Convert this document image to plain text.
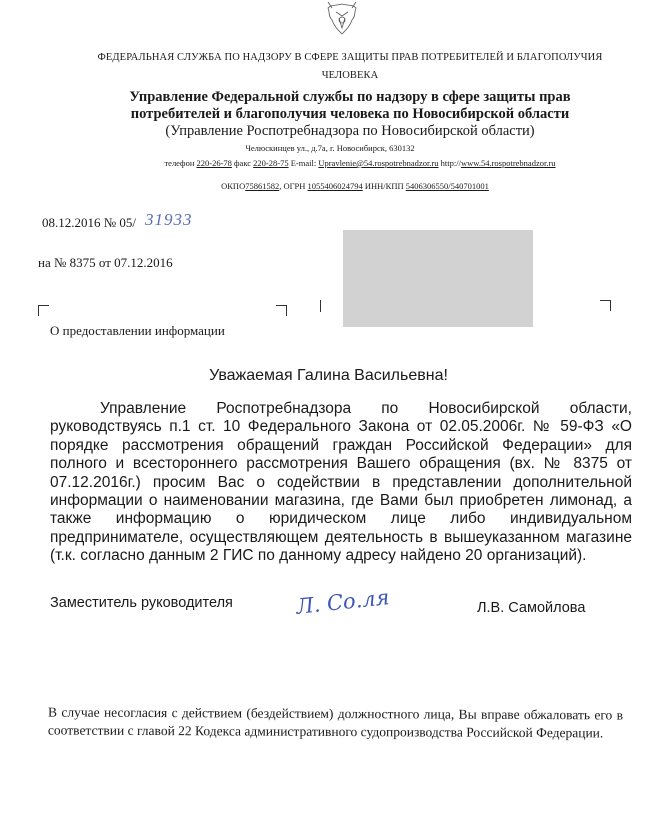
ФЕДЕРАЛЬНАЯ СЛУЖБА ПО НАДЗОРУ В СФЕРЕ ЗАЩИТЫ ПРАВ ПОТРЕБИТЕЛЕЙ И БЛАГОПОЛУЧИЯ ЧЕЛОВЕКА
Управление Федеральной службы по надзору в сфере защиты прав потребителей и благополучия человека по Новосибирской области
(Управление Роспотребнадзора по Новосибирской области)
Челюскинцев ул., д.7а, г. Новосибирск, 630132
телефон 220-26-78 факс 220-28-75 E-mail: Upravlenie@54.rospotrebnadzor.ru http://www.54.rospotrebnadzor.ru
ОКПО75861582, ОГРН 1055406024794 ИНН/КПП 5406306550/540701001
08.12.2016 № 05/ 31933
на № 8375 от 07.12.2016
О предоставлении информации
Уважаемая Галина Васильевна!
Управление Роспотребнадзора по Новосибирской области, руководствуясь п.1 ст. 10 Федерального Закона от 02.05.2006г. № 59-ФЗ «О порядке рассмотрения обращений граждан Российской Федерации» для полного и всестороннего рассмотрения Вашего обращения (вх. № 8375 от 07.12.2016г.) просим Вас о содействии в представлении дополнительной информации о наименовании магазина, где Вами был приобретен лимонад, а также информацию о юридическом лице либо индивидуальном предпринимателе, осуществляющем деятельность в вышеуказанном магазине (т.к. согласно данным 2 ГИС по данному адресу найдено 20 организаций).
Заместитель руководителя	Л. Со.ля	Л.В. Самойлова
В случае несогласия с действием (бездействием) должностного лица, Вы вправе обжаловать его в соответствии с главой 22 Кодекса административного судопроизводства Российской Федерации.
